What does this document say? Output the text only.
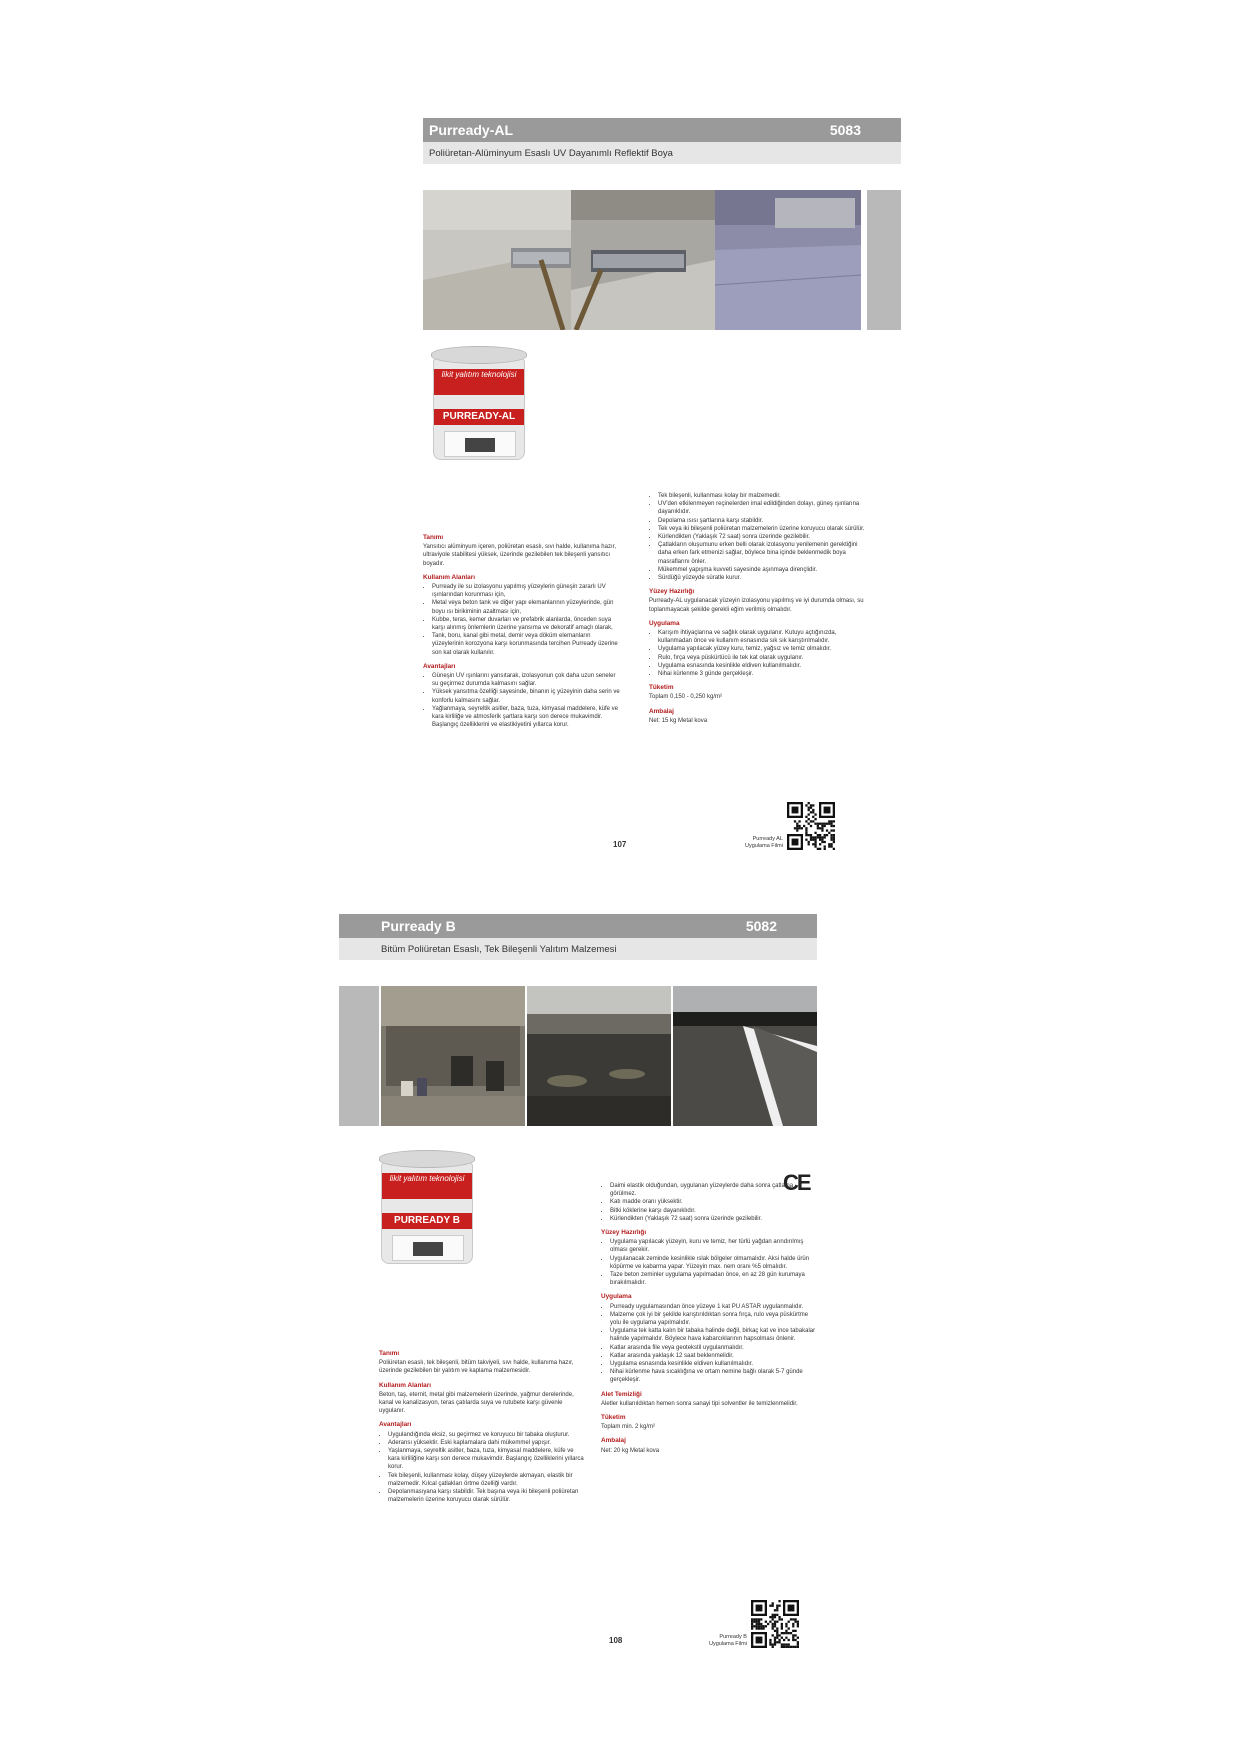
Purready-AL	5083
Poliüretan-Alüminyum Esaslı UV Dayanımlı Reflektif Boya
likit yalıtım teknolojisi
PURREADY-AL
Tanımı

Yansıtıcı alüminyum içeren, poliüretan esaslı, sıvı halde, kullanıma hazır, ultraviyole stabilitesi yüksek, üzerinde gezilebilen tek bileşenli yansıtıcı boyadır.

Kullanım Alanları
• Purready ile su izolasyonu yapılmış yüzeylerin güneşin zararlı UV ışınlarından korunması için,
• Metal veya beton tank ve diğer yapı elemanlarının yüzeylerinde, gün boyu ısı birikiminin azaltması için,
• Kubbe, teras, kemer duvarları ve prefabrik alanlarda, önceden suya karşı alınmış önlemlerin üzerine yansıma ve dekoratif amaçlı olarak,
• Tank, boru, kanal gibi metal, demir veya döküm elemanların yüzeylerinin korozyona karşı korunmasında tercihen Purready üzerine son kat olarak kullanılır.
Avantajları
• Güneşin UV ışınlarını yansıtarak, izolasyonun çok daha uzun seneler su geçirmez durumda kalmasını sağlar.
• Yüksek yansıtma özelliği sayesinde, binanın iç yüzeyinin daha serin ve konforlu kalmasını sağlar.
• Yağlanmaya, seyreltik asitler, baza, tuza, kimyasal maddelere, küfe ve kara kirliliğe ve atmosferik şartlara karşı son derece mukavimdir. Başlangıç özelliklerini ve elastikiyetini yıllarca korur.
• Tek bileşenli, kullanması kolay bir malzemedir.
• UV'den etkilenmeyen reçinelerden imal edildiğinden dolayı, güneş ışınlarına dayanıklıdır.
• Depolama ısısı şartlarına karşı stabildir.
• Tek veya iki bileşenli poliüretan malzemelerin üzerine koruyucu olarak sürülür.
• Kürlendikten (Yaklaşık 72 saat) sonra üzerinde gezilebilir.
• Çatlakların oluşumunu erken belli olarak izolasyonu yenilemenin gerektiğini daha erken fark etmenizi sağlar, böylece bina içinde beklenmedik boya masraflarını önler.
• Mükemmel yapışma kuvveti sayesinde aşınmaya dirençlidir.
• Sürdüğü yüzeyde süratle kurur.
Yüzey Hazırlığı

Purready-AL uygulanacak yüzeyin izolasyonu yapılmış ve iyi durumda olması, su toplanmayacak şekilde gerekli eğim verilmiş olmalıdır.

Uygulama
• Karışım ihtiyaçlarına ve sağlık olarak uygulanır. Kutuyu açtığınızda, kullanmadan önce ve kullanım esnasında sık sık karıştırılmalıdır.
• Uygulama yapılacak yüzey kuru, temiz, yağsız ve temiz olmalıdır.
• Rulo, fırça veya püskürtücü ile tek kat olarak uygulanır.
• Uygulama esnasında kesinlikle eldiven kullanılmalıdır.
• Nihai kürlenme 3 günde gerçekleşir.
Tüketim

Toplam 0,150 - 0,250 kg/m²

Ambalaj

Net: 15 kg Metal kova

107
Purready AL
Uygulama Filmi
Purready B	5082
Bitüm Poliüretan Esaslı, Tek Bileşenli Yalıtım Malzemesi
likit yalıtım teknolojisi
PURREADY B
CE
Tanımı

Poliüretan esaslı, tek bileşenli, bitüm takviyeli, sıvı halde, kullanıma hazır, üzerinde gezilebilen bir yalıtım ve kaplama malzemesidir.

Kullanım Alanları

Beton, taş, eternit, metal gibi malzemelerin üzerinde, yağmur derelerinde, kanal ve kanalizasyon, teras çatılarda suya ve rutubete karşı güvenle uygulanır.

Avantajları
• Uygulandığında eksiz, su geçirmez ve koruyucu bir tabaka oluşturur.
• Aderansı yüksektir. Eski kaplamalara dahi mükemmel yapışır.
• Yaşlanmaya, seyreltik asitler, baza, tuza, kimyasal maddelere, küfe ve kara kirliliğine karşı son derece mukavimdir. Başlangıç özelliklerini yıllarca korur.
• Tek bileşenli, kullanması kolay, düşey yüzeylerde akmayan, elastik bir malzemedir. Kılcal çatlakları örtme özelliği vardır.
• Depolanmasıyana karşı stabildir. Tek başına veya iki bileşenli poliüretan malzemelerin üzerine koruyucu olarak sürülür.
• Daimi elastik olduğundan, uygulanan yüzeylerde daha sonra çatlama görülmez.
• Katı madde oranı yüksektir.
• Bitki köklerine karşı dayanıklıdır.
• Kürlendikten (Yaklaşık 72 saat) sonra üzerinde gezilebilir.
Yüzey Hazırlığı
• Uygulama yapılacak yüzeyin, kuru ve temiz, her türlü yağdan arındırılmış olması gerekir.
• Uygulanacak zeminde kesinlikle ıslak bölgeler olmamalıdır. Aksi halde ürün köpürme ve kabarma yapar. Yüzeyin max. nem oranı %5 olmalıdır.
• Taze beton zeminler uygulama yapılmadan önce, en az 28 gün kurumaya bırakılmalıdır.
Uygulama
• Purready uygulamasından önce yüzeye 1 kat PU ASTAR uygulanmalıdır.
• Malzeme çok iyi bir şekilde karıştırıldıktan sonra fırça, rulo veya püskürtme yolu ile uygulama yapılmalıdır.
• Uygulama tek katta kalın bir tabaka halinde değil, birkaç kat ve ince tabakalar halinde yapılmalıdır. Böylece hava kabarcıklarının hapsolması önlenir.
• Katlar arasında file veya geotekstil uygulanmalıdır.
• Katlar arasında yaklaşık 12 saat beklenmelidir.
• Uygulama esnasında kesinlikle eldiven kullanılmalıdır.
• Nihai kürlenme hava sıcaklığına ve ortam nemine bağlı olarak 5-7 günde gerçekleşir.
Alet Temizliği

Aletler kullanıldıktan hemen sonra sanayi tipi solventler ile temizlenmelidir.

Tüketim

Toplam min. 2 kg/m²

Ambalaj

Net: 20 kg Metal kova

108	Purready B
Uygulama Filmi
